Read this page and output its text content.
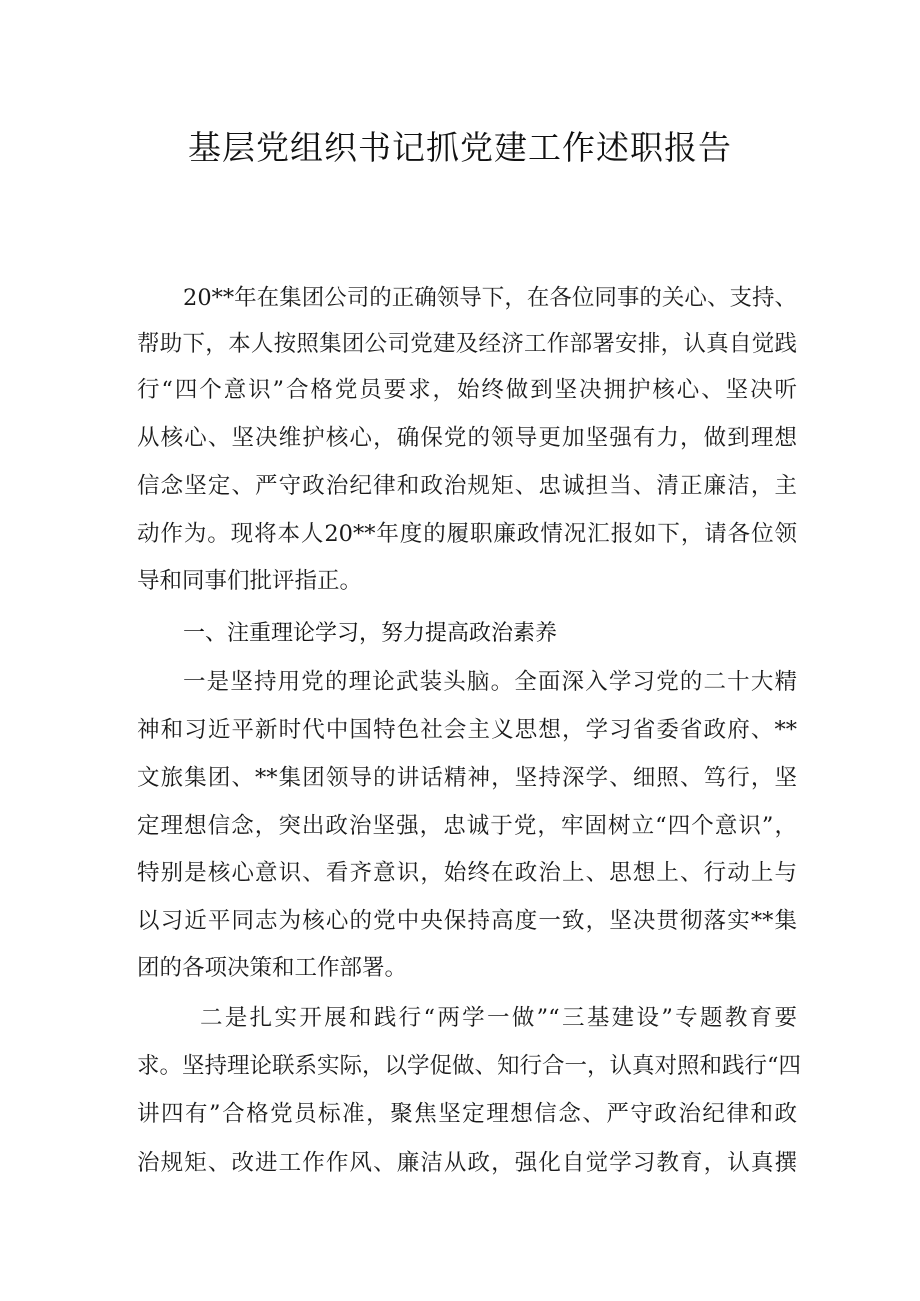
基层党组织书记抓党建工作述职报告
20**年在集团公司的正确领导下，在各位同事的关心、支持、
帮助下，本人按照集团公司党建及经济工作部署安排，认真自觉践
行“四个意识”合格党员要求，始终做到坚决拥护核心、坚决听
从核心、坚决维护核心，确保党的领导更加坚强有力，做到理想
信念坚定、严守政治纪律和政治规矩、忠诚担当、清正廉洁，主
动作为。现将本人20**年度的履职廉政情况汇报如下，请各位领
导和同事们批评指正。
一、注重理论学习，努力提高政治素养
一是坚持用党的理论武装头脑。全面深入学习党的二十大精
神和习近平新时代中国特色社会主义思想，学习省委省政府、**
文旅集团、**集团领导的讲话精神，坚持深学、细照、笃行，坚
定理想信念，突出政治坚强，忠诚于党，牢固树立“四个意识”，
特别是核心意识、看齐意识，始终在政治上、思想上、行动上与
以习近平同志为核心的党中央保持高度一致，坚决贯彻落实**集
团的各项决策和工作部署。
二是扎实开展和践行“两学一做”“三基建设”专题教育要
求。坚持理论联系实际，以学促做、知行合一，认真对照和践行“四
讲四有”合格党员标准，聚焦坚定理想信念、严守政治纪律和政
治规矩、改进工作作风、廉洁从政，强化自觉学习教育，认真撰
